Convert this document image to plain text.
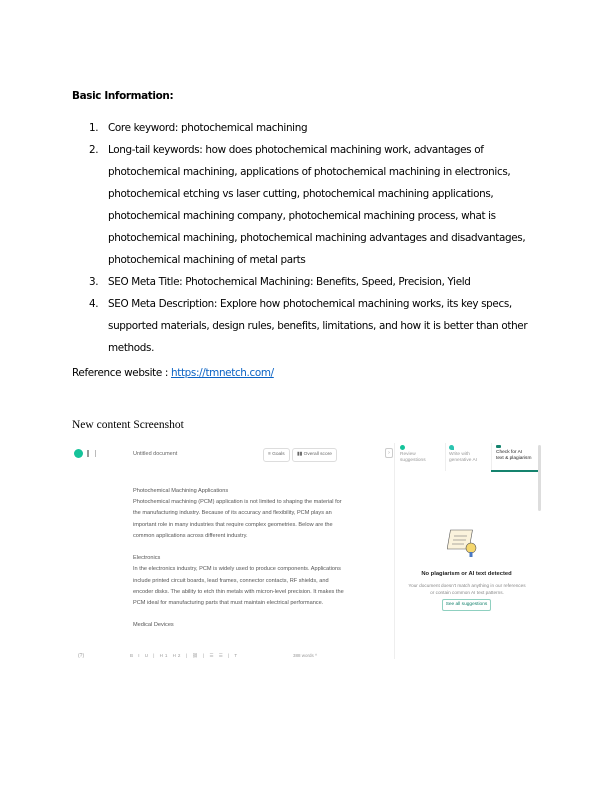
Basic Information:

1. Core keyword: photochemical machining
2. Long-tail keywords: how does photochemical machining work, advantages of photochemical machining, applications of photochemical machining in electronics, photochemical etching vs laser cutting, photochemical machining applications, photochemical machining company, photochemical machining process, what is photochemical machining, photochemical machining advantages and disadvantages, photochemical machining of metal parts
3. SEO Meta Title: Photochemical Machining: Benefits, Speed, Precision, Yield
4. SEO Meta Description: Explore how photochemical machining works, its key specs, supported materials, design rules, benefits, limitations, and how it is better than other methods.
Reference website : https://tmnetch.com/
New content Screenshot
Untitled document	≡ Goals	▮▮ Overall score	›

Photochemical Machining Applications

Photochemical machining (PCM) application is not limited to shaping the material for the manufacturing industry. Because of its accuracy and flexibility, PCM plays an important role in many industries that require complex geometries. Below are the common applications across different industry.

Electronics

In the electronics industry, PCM is widely used to produce components. Applications include printed circuit boards, lead frames, connector contacts, RF shields, and encoder disks. The ability to etch thin metals with micron-level precision. It makes the PCM ideal for manufacturing parts that must maintain electrical performance.

Medical Devices

(?)	B I U | H1 H2 | ⛓ | ☰ ☰ | T	388 words ^
Review
suggestions
Write with
generative AI
Check for AI
text & plagiarism
No plagiarism or AI text detected
Your document doesn't match anything in our references or contain common AI text patterns.
See all suggestions
